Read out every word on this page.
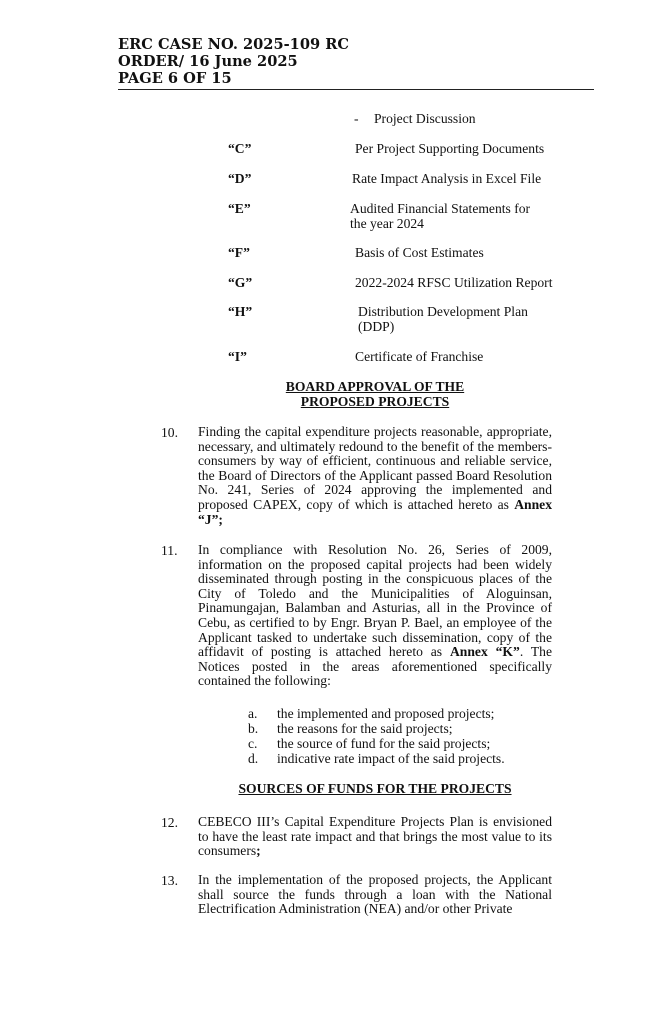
ERC CASE NO. 2025-109 RC
ORDER/ 16 June 2025
PAGE 6 OF 15
- Project Discussion
“C”	Per Project Supporting Documents
“D”	Rate Impact Analysis in Excel File
“E”	Audited Financial Statements for
the year 2024
“F”	Basis of Cost Estimates
“G”	2022-2024 RFSC Utilization Report
“H”	Distribution Development Plan
(DDP)
“I”	Certificate of Franchise
BOARD APPROVAL OF THE
PROPOSED PROJECTS
10. Finding the capital expenditure projects reasonable, appropriate, necessary, and ultimately redound to the benefit of the members-consumers by way of efficient, continuous and reliable service, the Board of Directors of the Applicant passed Board Resolution No. 241, Series of 2024 approving the implemented and proposed CAPEX, copy of which is attached hereto as Annex “J”;
11. In compliance with Resolution No. 26, Series of 2009, information on the proposed capital projects had been widely disseminated through posting in the conspicuous places of the City of Toledo and the Municipalities of Aloguinsan, Pinamungajan, Balamban and Asturias, all in the Province of Cebu, as certified to by Engr. Bryan P. Bael, an employee of the Applicant tasked to undertake such dissemination, copy of the affidavit of posting is attached hereto as Annex “K”. The Notices posted in the areas aforementioned specifically contained the following:
a. the implemented and proposed projects;
b. the reasons for the said projects;
c. the source of fund for the said projects;
d. indicative rate impact of the said projects.
SOURCES OF FUNDS FOR THE PROJECTS
12. CEBECO III’s Capital Expenditure Projects Plan is envisioned to have the least rate impact and that brings the most value to its consumers;
13. In the implementation of the proposed projects, the Applicant shall source the funds through a loan with the National Electrification Administration (NEA) and/or other Private
